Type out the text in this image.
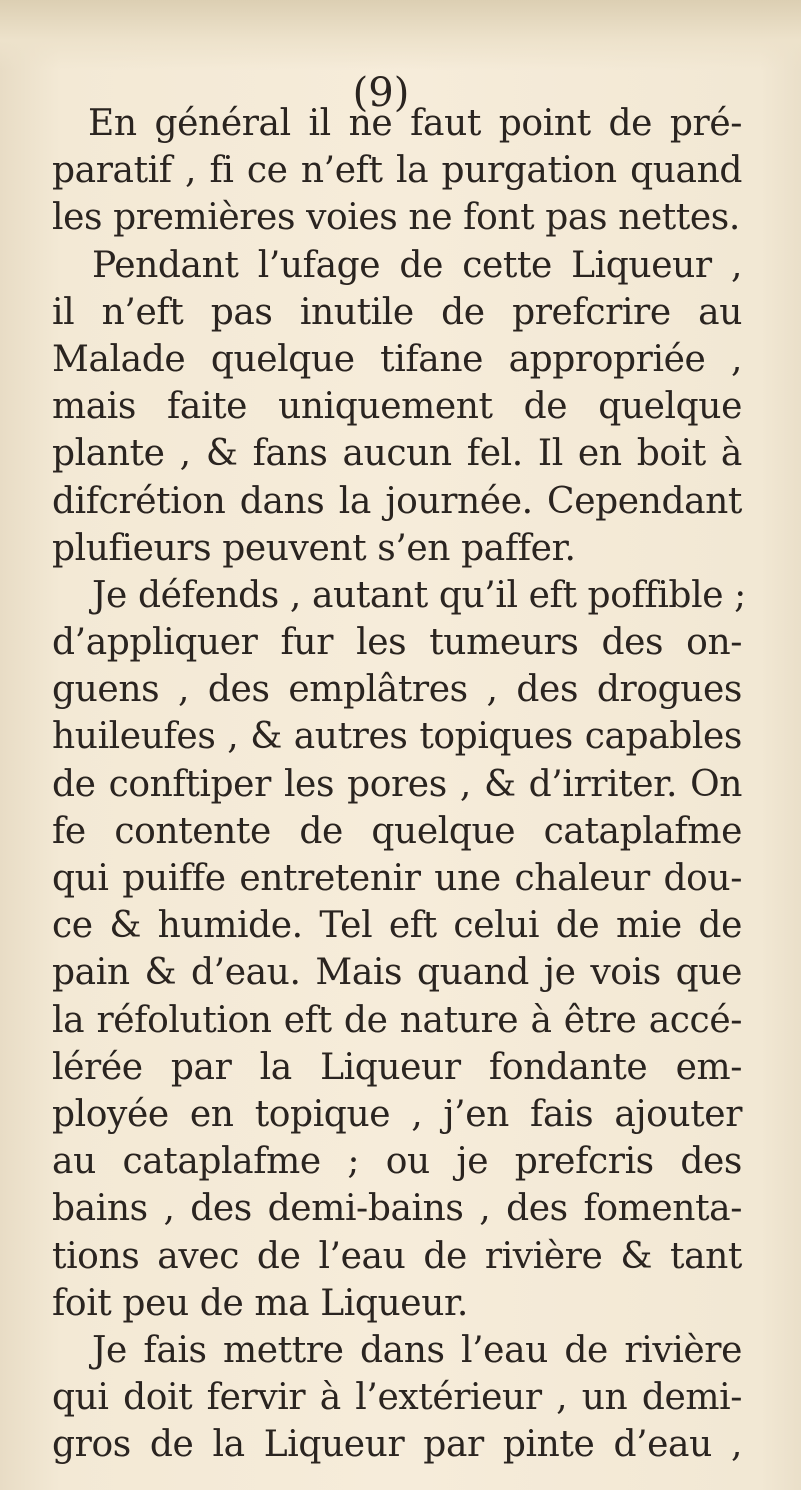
(9)
En général il ne faut point de pré-
paratif , fi ce n’eft la purgation quand
les premières voies ne font pas nettes.
Pendant l’ufage de cette Liqueur ,
il n’eft pas inutile de prefcrire au
Malade quelque tifane appropriée ,
mais faite uniquement de quelque
plante , & fans aucun fel. Il en boit à
difcrétion dans la journée. Cependant
plufieurs peuvent s’en paffer.
Je défends , autant qu’il eft poffible ;
d’appliquer fur les tumeurs des on-
guens , des emplâtres , des drogues
huileufes , & autres topiques capables
de conftiper les pores , & d’irriter. On
fe contente de quelque cataplafme
qui puiffe entretenir une chaleur dou-
ce & humide. Tel eft celui de mie de
pain & d’eau. Mais quand je vois que
la réfolution eft de nature à être accé-
lérée par la Liqueur fondante em-
ployée en topique , j’en fais ajouter
au cataplafme ; ou je prefcris des
bains , des demi-bains , des fomenta-
tions avec de l’eau de rivière & tant
foit peu de ma Liqueur.
Je fais mettre dans l’eau de rivière
qui doit fervir à l’extérieur , un demi-
gros de la Liqueur par pinte d’eau ,
